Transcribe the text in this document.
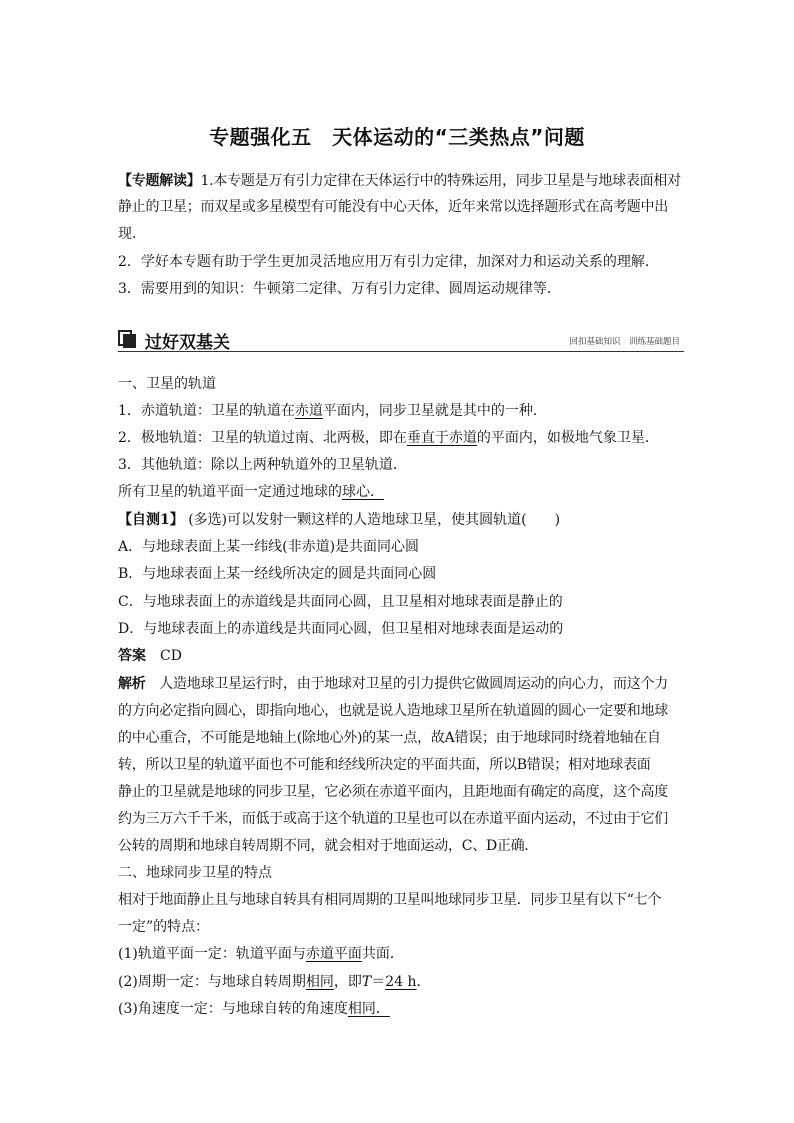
专题强化五　天体运动的“三类热点”问题
【专题解读】1.本专题是万有引力定律在天体运行中的特殊运用，同步卫星是与地球表面相对
静止的卫星；而双星或多星模型有可能没有中心天体，近年来常以选择题形式在高考题中出
现．
2．学好本专题有助于学生更加灵活地应用万有引力定律，加深对力和运动关系的理解．
3．需要用到的知识：牛顿第二定律、万有引力定律、圆周运动规律等．
过好双基关	回扣基础知识　训练基础题目
一、卫星的轨道
1．赤道轨道：卫星的轨道在赤道平面内，同步卫星就是其中的一种．
2．极地轨道：卫星的轨道过南、北两极，即在垂直于赤道的平面内，如极地气象卫星．
3．其他轨道：除以上两种轨道外的卫星轨道．
所有卫星的轨道平面一定通过地球的球心．
【自测1】 (多选)可以发射一颗这样的人造地球卫星，使其圆轨道(　　)
A．与地球表面上某一纬线(非赤道)是共面同心圆
B．与地球表面上某一经线所决定的圆是共面同心圆
C．与地球表面上的赤道线是共面同心圆，且卫星相对地球表面是静止的
D．与地球表面上的赤道线是共面同心圆，但卫星相对地球表面是运动的
答案　 CD
解析　 人造地球卫星运行时，由于地球对卫星的引力提供它做圆周运动的向心力，而这个力
的方向必定指向圆心，即指向地心，也就是说人造地球卫星所在轨道圆的圆心一定要和地球
的中心重合，不可能是地轴上(除地心外)的某一点，故A错误；由于地球同时绕着地轴在自
转，所以卫星的轨道平面也不可能和经线所决定的平面共面，所以B错误；相对地球表面
静止的卫星就是地球的同步卫星，它必须在赤道平面内，且距地面有确定的高度，这个高度
约为三万六千千米，而低于或高于这个轨道的卫星也可以在赤道平面内运动，不过由于它们
公转的周期和地球自转周期不同，就会相对于地面运动，C、D正确．
二、地球同步卫星的特点
相对于地面静止且与地球自转具有相同周期的卫星叫地球同步卫星．同步卫星有以下“七个
一定”的特点：
(1)轨道平面一定：轨道平面与赤道平面共面．
(2)周期一定：与地球自转周期相同，即T＝24 h．
(3)角速度一定：与地球自转的角速度相同．
